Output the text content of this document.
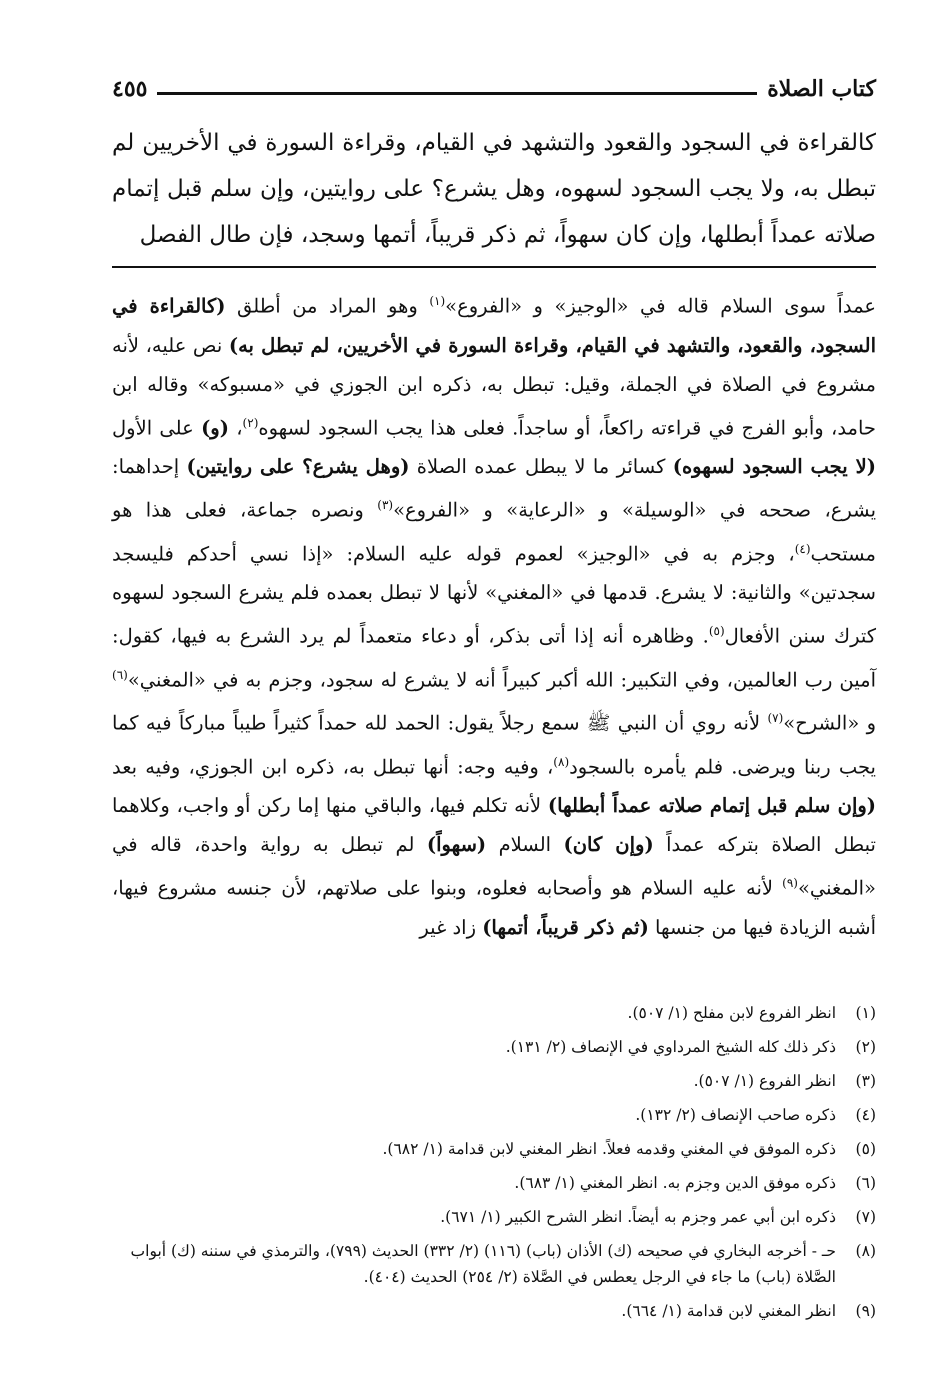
كتاب الصلاة
٤٥٥
كالقراءة في السجود والقعود والتشهد في القيام، وقراءة السورة في الأخريين لم تبطل به، ولا يجب السجود لسهوه، وهل يشرع؟ على روايتين، وإن سلم قبل إتمام صلاته عمداً أبطلها، وإن كان سهواً، ثم ذكر قريباً، أتمها وسجد، فإن طال الفصل

عمداً سوى السلام قاله في «الوجيز» و «الفروع»$^{(١)}$ وهو المراد من أطلق (كالقراءة في السجود، والقعود، والتشهد في القيام، وقراءة السورة في الأخريين، لم تبطل به) نص عليه، لأنه مشروع في الصلاة في الجملة، وقيل: تبطل به، ذكره ابن الجوزي في «مسبوكه» وقاله ابن حامد، وأبو الفرج في قراءته راكعاً، أو ساجداً. فعلى هذا يجب السجود لسهوه$^{(٢)}$، (و) على الأول (لا يجب السجود لسهوه) كسائر ما لا يبطل عمده الصلاة (وهل يشرع؟ على روايتين) إحداهما: يشرع، صححه في «الوسيلة» و «الرعاية» و «الفروع»$^{(٣)}$ ونصره جماعة، فعلى هذا هو مستحب$^{(٤)}$، وجزم به في «الوجيز» لعموم قوله عليه السلام: «إذا نسي أحدكم فليسجد سجدتين» والثانية: لا يشرع. قدمها في «المغني» لأنها لا تبطل بعمده فلم يشرع السجود لسهوه كترك سنن الأفعال$^{(٥)}$. وظاهره أنه إذا أتى بذكر، أو دعاء متعمداً لم يرد الشرع به فيها، كقول: آمين رب العالمين، وفي التكبير: الله أكبر كبيراً أنه لا يشرع له سجود، وجزم به في «المغني»$^{(٦)}$ و «الشرح»$^{(٧)}$ لأنه روي أن النبي ﷺ سمع رجلاً يقول: الحمد لله حمداً كثيراً طيباً مباركاً فيه كما يجب ربنا ويرضى. فلم يأمره بالسجود$^{(٨)}$، وفيه وجه: أنها تبطل به، ذكره ابن الجوزي، وفيه بعد (وإن سلم قبل إتمام صلاته عمداً أبطلها) لأنه تكلم فيها، والباقي منها إما ركن أو واجب، وكلاهما تبطل الصلاة بتركه عمداً (وإن كان) السلام (سهواً) لم تبطل به رواية واحدة، قاله في «المغني»$^{(٩)}$ لأنه عليه السلام هو وأصحابه فعلوه، وبنوا على صلاتهم، لأن جنسه مشروع فيها، أشبه الزيادة فيها من جنسها (ثم ذكر قريباً، أتمها) زاد غير

(١)
انظر الفروع لابن مفلح (١/ ٥٠٧).
(٢)
ذكر ذلك كله الشيخ المرداوي في الإنصاف (٢/ ١٣١).
(٣)
انظر الفروع (١/ ٥٠٧).
(٤)
ذكره صاحب الإنصاف (٢/ ١٣٢).
(٥)
ذكره الموفق في المغني وقدمه فعلاً. انظر المغني لابن قدامة (١/ ٦٨٢).
(٦)
ذكره موفق الدين وجزم به. انظر المغني (١/ ٦٨٣).
(٧)
ذكره ابن أبي عمر وجزم به أيضاً. انظر الشرح الكبير (١/ ٦٧١).
(٨)
حـ - أخرجه البخاري في صحيحه (ك) الأذان (باب) (١١٦) (٢/ ٣٣٢) الحديث (٧٩٩)، والترمذي في سننه (ك) أبواب الصَّلاة (باب) ما جاء في الرجل يعطس في الصَّلاة (٢/ ٢٥٤) الحديث (٤٠٤).
(٩)
انظر المغني لابن قدامة (١/ ٦٦٤).
